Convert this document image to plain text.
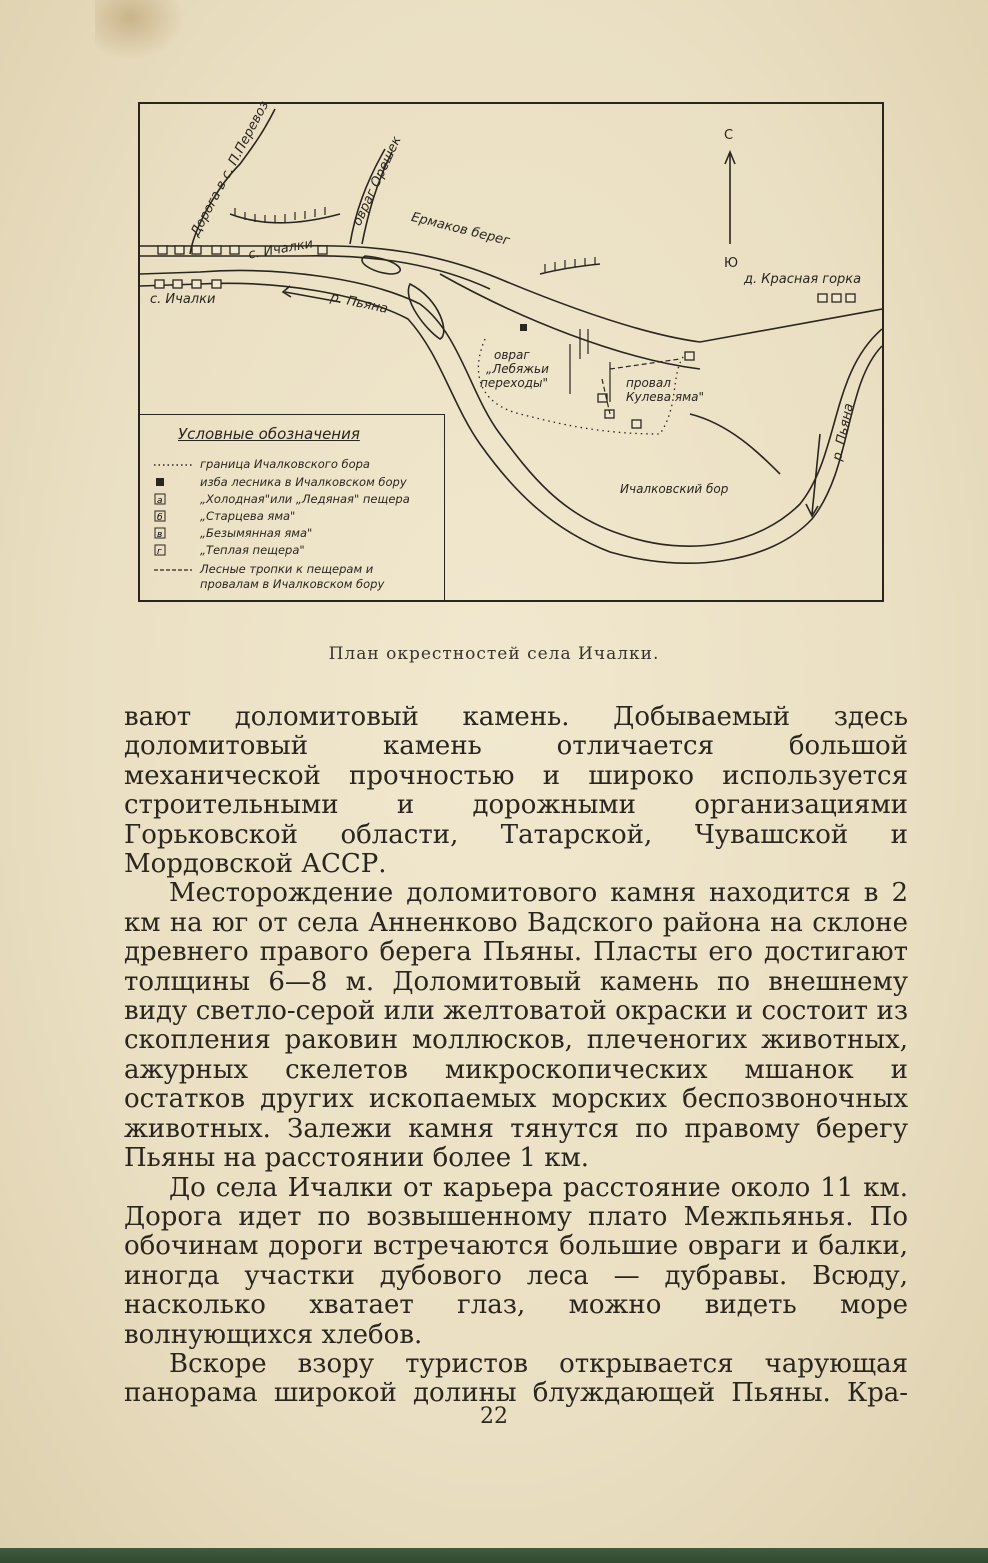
Дорога в с. П.Перевоз	овраг Орешек
с. Ичалки
Ермаков берег
С
Ю
д. Красная горка
с. Ичалки	р. Пьяна
овраг
„Лебяжьи
переходы"	провал
Кулева яма"
Ичалковский бор
р. Пьяна
Условные обозначения
граница Ичалковского бора
изба лесника в Ичалковском бору
а	„Холодная"или „Ледяная" пещера
б	„Старцева яма"
в	„Безымянная яма"
г	„Теплая пещера"
Лесные тропки к пещерам и
провалам в Ичалковском бору
План окрестностей села Ичалки.

вают доломитовый камень. Добываемый здесь доломитовый камень отличается большой механической прочностью и широко используется строительными и дорожными организациями Горьковской области, Татарской, Чувашской и Мордовской АССР.

Месторождение доломитового камня находится в 2 км на юг от села Анненково Вадского района на склоне древнего правого берега Пьяны. Пласты его достигают толщины 6—8 м. Доломитовый камень по внешнему виду светло-серой или желтоватой окраски и состоит из скопления раковин моллюсков, плеченогих животных, ажурных скелетов микроскопических мшанок и остатков других ископаемых морских беспозвоночных животных. Залежи камня тянутся по правому берегу Пьяны на расстоянии более 1 км.

До села Ичалки от карьера расстояние около 11 км. Дорога идет по возвышенному плато Межпьянья. По обочинам дороги встречаются большие овраги и балки, иногда участки дубового леса — дубравы. Всюду, насколько хватает глаз, можно видеть море волнующихся хлебов.

Вскоре взору туристов открывается чарующая панорама широкой долины блуждающей Пьяны. Кра-

22
